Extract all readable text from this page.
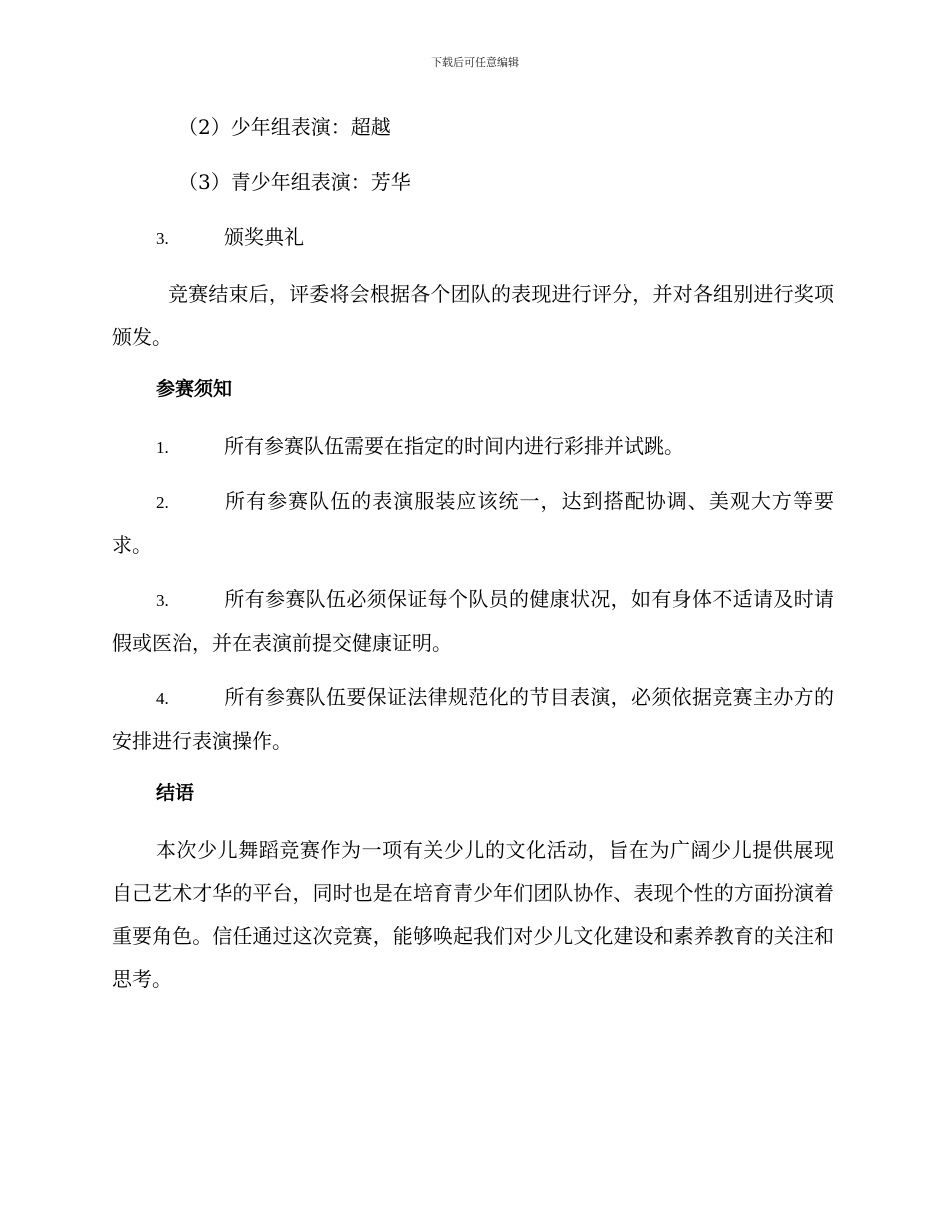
下载后可任意编辑
（2）少年组表演：超越
（3）青少年组表演：芳华
3.	颁奖典礼
竞赛结束后，评委将会根据各个团队的表现进行评分，并对各组别进行奖项颁发。
参赛须知
1.	所有参赛队伍需要在指定的时间内进行彩排并试跳。
2.	所有参赛队伍的表演服装应该统一，达到搭配协调、美观大方等要求。
3.	所有参赛队伍必须保证每个队员的健康状况，如有身体不适请及时请假或医治，并在表演前提交健康证明。
4.	所有参赛队伍要保证法律规范化的节目表演，必须依据竞赛主办方的安排进行表演操作。
结语
本次少儿舞蹈竞赛作为一项有关少儿的文化活动，旨在为广阔少儿提供展现自己艺术才华的平台，同时也是在培育青少年们团队协作、表现个性的方面扮演着重要角色。信任通过这次竞赛，能够唤起我们对少儿文化建设和素养教育的关注和思考。
